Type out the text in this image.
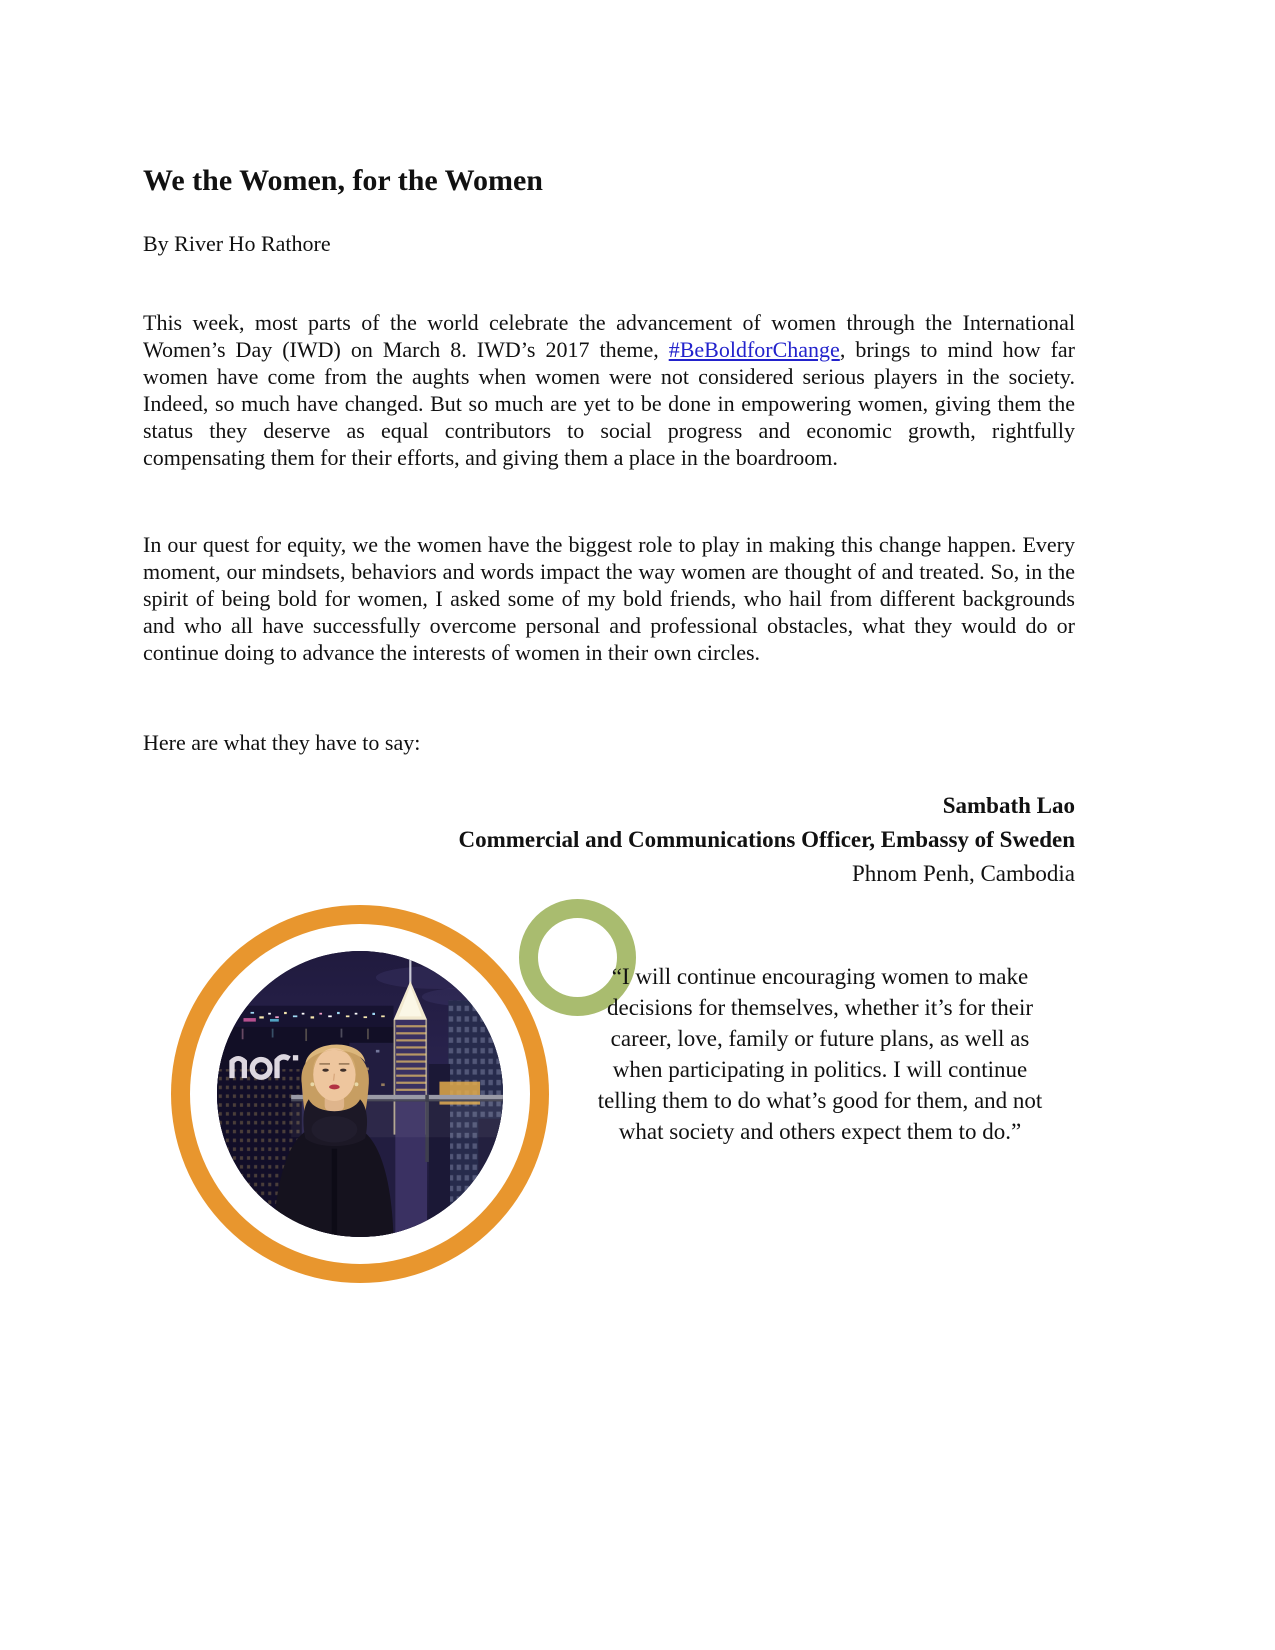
We the Women, for the Women

By River Ho Rathore

This week, most parts of the world celebrate the advancement of women through the International Women’s Day (IWD) on March 8. IWD’s 2017 theme, #BeBoldforChange, brings to mind how far women have come from the aughts when women were not considered serious players in the society. Indeed, so much have changed. But so much are yet to be done in empowering women, giving them the status they deserve as equal contributors to social progress and economic growth, rightfully compensating them for their efforts, and giving them a place in the boardroom.

In our quest for equity, we the women have the biggest role to play in making this change happen. Every moment, our mindsets, behaviors and words impact the way women are thought of and treated. So, in the spirit of being bold for women, I asked some of my bold friends, who hail from different backgrounds and who all have successfully overcome personal and professional obstacles, what they would do or continue doing to advance the interests of women in their own circles.

Here are what they have to say:

Sambath Lao
Commercial and Communications Officer, Embassy of Sweden
Phnom Penh, Cambodia
“I will continue encouraging women to make
decisions for themselves, whether it’s for their
career, love, family or future plans, as well as
when participating in politics. I will continue
telling them to do what’s good for them, and not
what society and others expect them to do.”
